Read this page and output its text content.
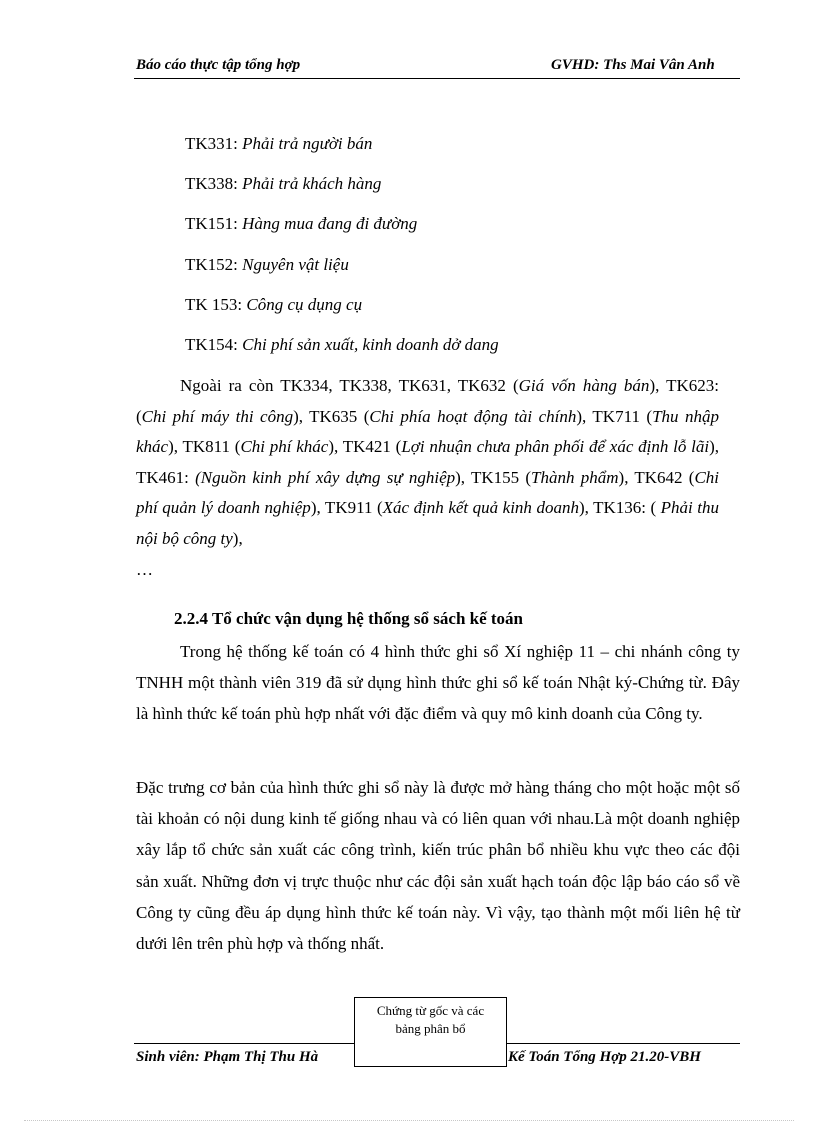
Báo cáo thực tập tổng hợp	GVHD: Ths Mai Vân Anh
TK331: Phải trả người bán
TK338: Phải trả khách hàng
TK151: Hàng mua đang đi đường
TK152: Nguyên vật liệu
TK 153: Công cụ dụng cụ
TK154: Chi phí sản xuất, kinh doanh dở dang

Ngoài ra còn TK334, TK338, TK631, TK632 (Giá vốn hàng bán), TK623: (Chi phí máy thi công), TK635 (Chi phía hoạt động tài chính), TK711 (Thu nhập khác), TK811 (Chi phí khác), TK421 (Lợi nhuận chưa phân phối để xác định lỗ lãi), TK461: (Nguồn kinh phí xây dựng sự nghiệp), TK155 (Thành phẩm), TK642 (Chi phí quản lý doanh nghiệp), TK911 (Xác định kết quả kinh doanh), TK136: ( Phải thu nội bộ công ty),

…

2.2.4 Tổ chức vận dụng hệ thống sổ sách kế toán
Trong hệ thống kế toán có 4 hình thức ghi sổ Xí nghiệp 11 – chi nhánh công ty TNHH một thành viên 319 đã sử dụng hình thức ghi sổ kế toán Nhật ký-Chứng từ. Đây là hình thức kế toán phù hợp nhất với đặc điểm và quy mô kinh doanh của Công ty.
Đặc trưng cơ bản của hình thức ghi sổ này là được mở hàng tháng cho một hoặc một số tài khoản có nội dung kinh tế giống nhau và có liên quan với nhau.Là một doanh nghiệp xây lắp tổ chức sản xuất các công trình, kiến trúc phân bổ nhiều khu vực theo các đội sản xuất. Những đơn vị trực thuộc như các đội sản xuất hạch toán độc lập báo cáo sổ về Công ty cũng đều áp dụng hình thức kế toán này. Vì vậy, tạo thành một mối liên hệ từ dưới lên trên phù hợp và thống nhất.
Chứng từ gốc và các
bảng phân bổ
Sinh viên: Phạm Thị Thu Hà	Kế Toán Tổng Hợp 21.20-VBH
